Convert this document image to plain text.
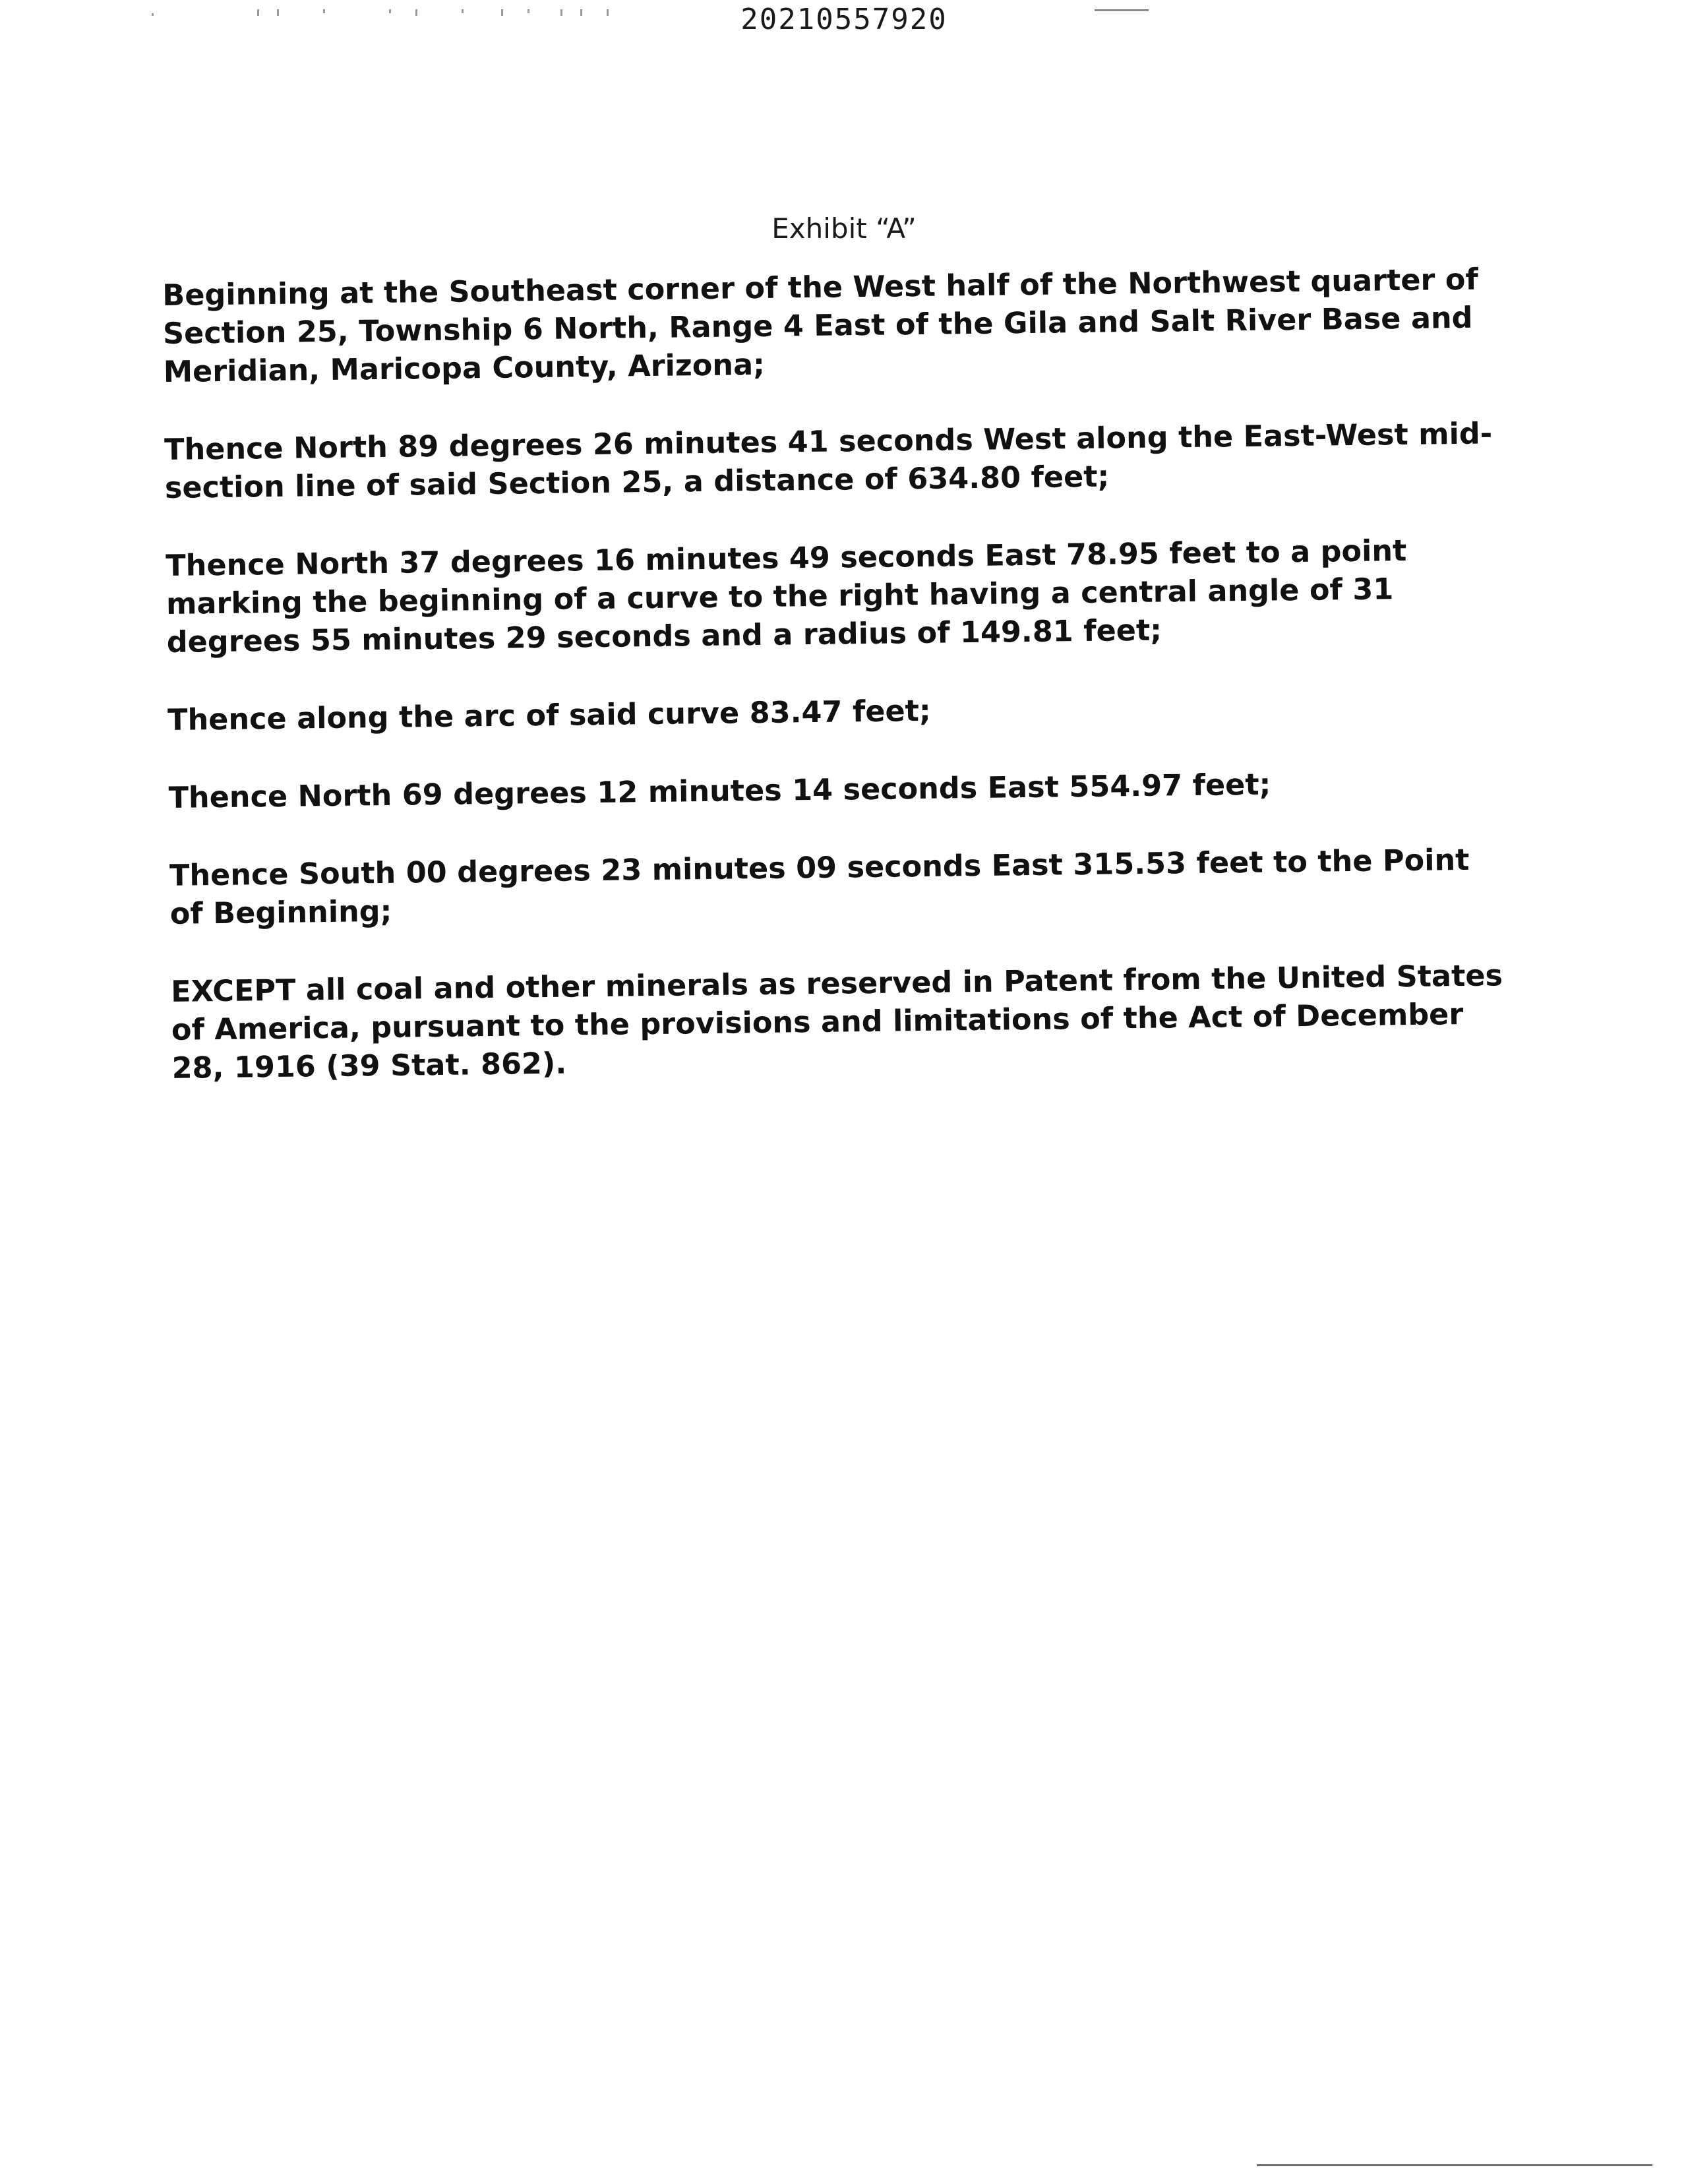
20210557920
Exhibit “A”

Beginning at the Southeast corner of the West half of the Northwest quarter of Section 25, Township 6 North, Range 4 East of the Gila and Salt River Base and Meridian, Maricopa County, Arizona;

Thence North 89 degrees 26 minutes 41 seconds West along the East-West mid-section line of said Section 25, a distance of 634.80 feet;

Thence North 37 degrees 16 minutes 49 seconds East 78.95 feet to a point marking the beginning of a curve to the right having a central angle of 31 degrees 55 minutes 29 seconds and a radius of 149.81 feet;

Thence along the arc of said curve 83.47 feet;

Thence North 69 degrees 12 minutes 14 seconds East 554.97 feet;

Thence South 00 degrees 23 minutes 09 seconds East 315.53 feet to the Point of Beginning;

EXCEPT all coal and other minerals as reserved in Patent from the United States of America, pursuant to the provisions and limitations of the Act of December 28, 1916 (39 Stat. 862).
